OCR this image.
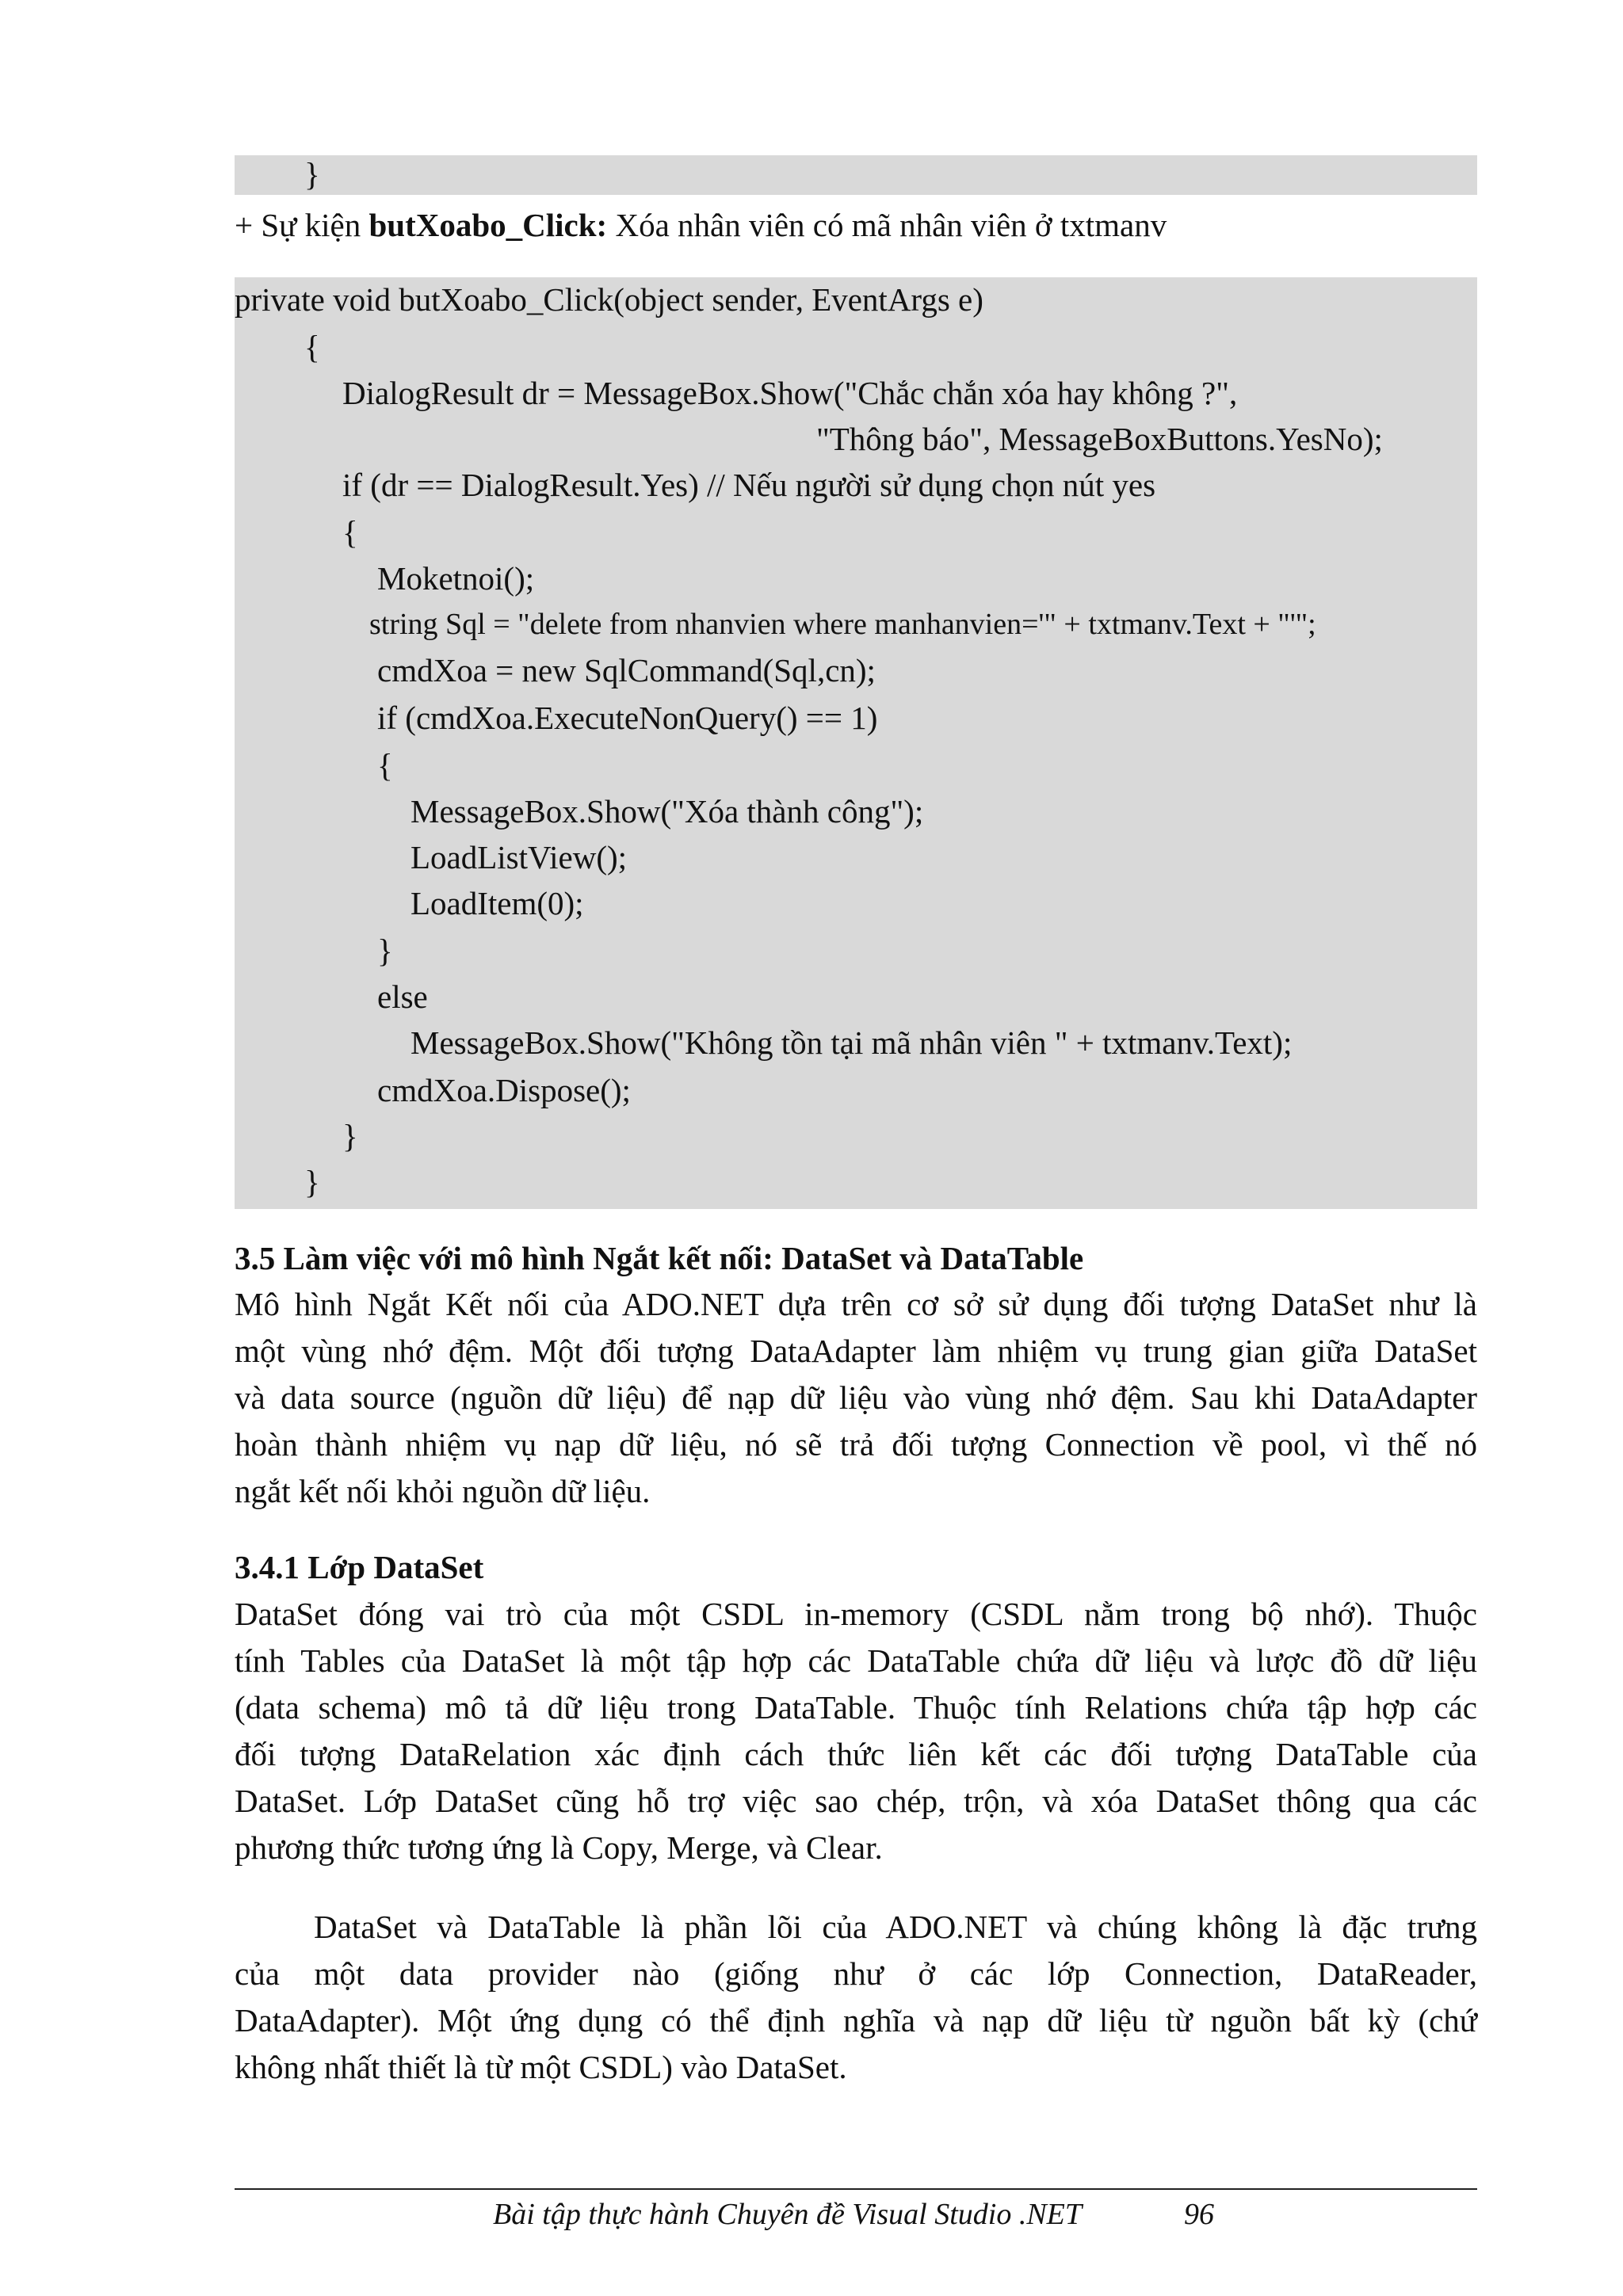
}
+ Sự kiện butXoabo_Click: Xóa nhân viên có mã nhân viên ở txtmanv
private void butXoabo_Click(object sender, EventArgs e)
{
DialogResult dr = MessageBox.Show("Chắc chắn xóa hay không ?",
"Thông báo", MessageBoxButtons.YesNo);
if (dr == DialogResult.Yes) // Nếu người sử dụng chọn nút yes
{
Moketnoi();
string Sql = "delete from nhanvien where manhanvien='" + txtmanv.Text + "'";
cmdXoa = new SqlCommand(Sql,cn);
if (cmdXoa.ExecuteNonQuery() == 1)
{
MessageBox.Show("Xóa thành công");
LoadListView();
LoadItem(0);
}
else
MessageBox.Show("Không tồn tại mã nhân viên " + txtmanv.Text);
cmdXoa.Dispose();
}
}
3.5 Làm việc với mô hình Ngắt kết nối: DataSet và DataTable
Mô hình Ngắt Kết nối của ADO.NET dựa trên cơ sở sử dụng đối tượng DataSet như là
một vùng nhớ đệm. Một đối tượng DataAdapter làm nhiệm vụ trung gian giữa DataSet
và data source (nguồn dữ liệu) để nạp dữ liệu vào vùng nhớ đệm. Sau khi DataAdapter
hoàn thành nhiệm vụ nạp dữ liệu, nó sẽ trả đối tượng Connection về pool, vì thế nó
ngắt kết nối khỏi nguồn dữ liệu.
3.4.1 Lớp DataSet
DataSet đóng vai trò của một CSDL in-memory (CSDL nằm trong bộ nhớ). Thuộc
tính Tables của DataSet là một tập hợp các DataTable chứa dữ liệu và lược đồ dữ liệu
(data schema) mô tả dữ liệu trong DataTable. Thuộc tính Relations chứa tập hợp các
đối tượng DataRelation xác định cách thức liên kết các đối tượng DataTable của
DataSet. Lớp DataSet cũng hỗ trợ việc sao chép, trộn, và xóa DataSet thông qua các
phương thức tương ứng là Copy, Merge, và Clear.
DataSet và DataTable là phần lõi của ADO.NET và chúng không là đặc trưng
của một data provider nào (giống như ở các lớp Connection, DataReader,
DataAdapter). Một ứng dụng có thể định nghĩa và nạp dữ liệu từ nguồn bất kỳ (chứ
không nhất thiết là từ một CSDL) vào DataSet.
Bài tập thực hành Chuyên đề Visual Studio .NET	96
